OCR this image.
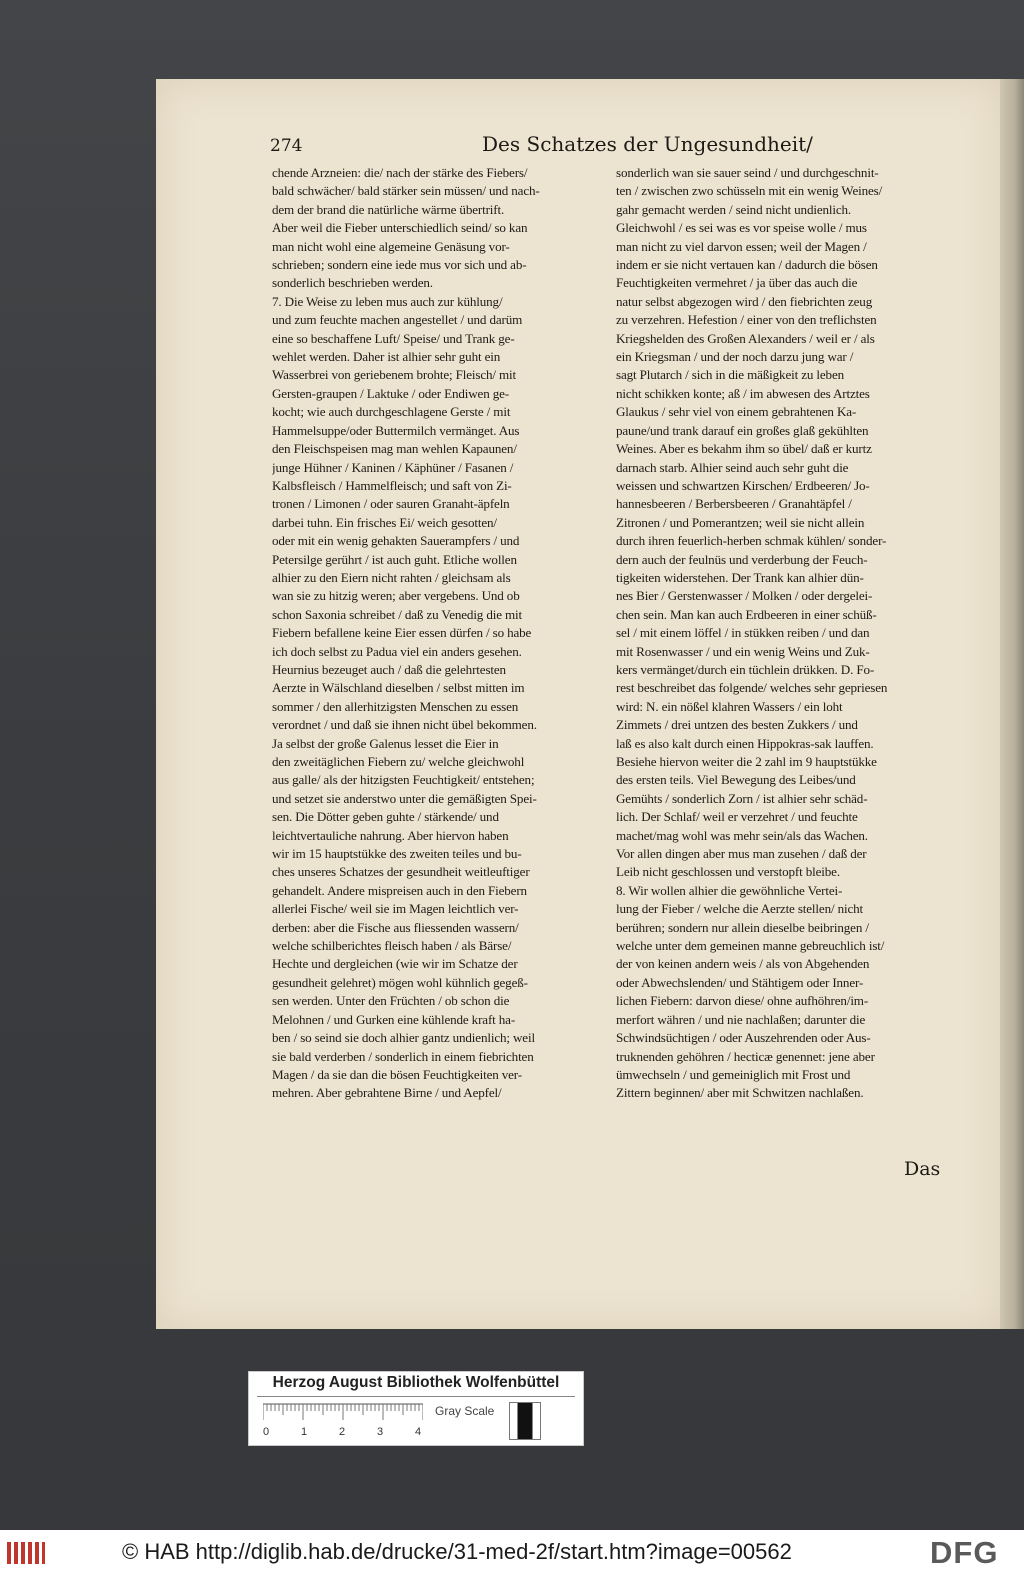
274	Des Schatzes der Ungesundheit/
chende Arzneien: die/ nach der stärke des Fiebers/
bald schwächer/ bald stärker sein müssen/ und nach-
dem der brand die natürliche wärme übertrift.
Aber weil die Fieber unterschiedlich seind/ so kan
man nicht wohl eine algemeine Genäsung vor-
schrieben; sondern eine iede mus vor sich und ab-
sonderlich beschrieben werden.
7. Die Weise zu leben mus auch zur kühlung/
und zum feuchte machen angestellet / und darüm
eine so beschaffene Luft/ Speise/ und Trank ge-
wehlet werden. Daher ist alhier sehr guht ein
Wasserbrei von geriebenem brohte; Fleisch/ mit
Gersten-graupen / Laktuke / oder Endiwen ge-
kocht; wie auch durchgeschlagene Gerste / mit
Hammelsuppe/oder Buttermilch vermänget. Aus
den Fleischspeisen mag man wehlen Kapaunen/
junge Hühner / Kaninen / Käphüner / Fasanen /
Kalbsfleisch / Hammelfleisch; und saft von Zi-
tronen / Limonen / oder sauren Granaht-äpfeln
darbei tuhn. Ein frisches Ei/ weich gesotten/
oder mit ein wenig gehakten Sauerampfers / und
Petersilge gerührt / ist auch guht. Etliche wollen
alhier zu den Eiern nicht rahten / gleichsam als
wan sie zu hitzig weren; aber vergebens. Und ob
schon Saxonia schreibet / daß zu Venedig die mit
Fiebern befallene keine Eier essen dürfen / so habe
ich doch selbst zu Padua viel ein anders gesehen.
Heurnius bezeuget auch / daß die gelehrtesten
Aerzte in Wälschland dieselben / selbst mitten im
sommer / den allerhitzigsten Menschen zu essen
verordnet / und daß sie ihnen nicht übel bekommen.
Ja selbst der große Galenus lesset die Eier in
den zweitäglichen Fiebern zu/ welche gleichwohl
aus galle/ als der hitzigsten Feuchtigkeit/ entstehen;
und setzet sie anderstwo unter die gemäßigten Spei-
sen. Die Dötter geben guhte / stärkende/ und
leichtvertauliche nahrung. Aber hiervon haben
wir im 15 hauptstükke des zweiten teiles und bu-
ches unseres Schatzes der gesundheit weitleuftiger
gehandelt. Andere mispreisen auch in den Fiebern
allerlei Fische/ weil sie im Magen leichtlich ver-
derben: aber die Fische aus fliessenden wassern/
welche schilberichtes fleisch haben / als Bärse/
Hechte und dergleichen (wie wir im Schatze der
gesundheit gelehret) mögen wohl kühnlich gegeß-
sen werden. Unter den Früchten / ob schon die
Melohnen / und Gurken eine kühlende kraft ha-
ben / so seind sie doch alhier gantz undienlich; weil
sie bald verderben / sonderlich in einem fiebrichten
Magen / da sie dan die bösen Feuchtigkeiten ver-
mehren. Aber gebrahtene Birne / und Aepfel/
sonderlich wan sie sauer seind / und durchgeschnit-
ten / zwischen zwo schüsseln mit ein wenig Weines/
gahr gemacht werden / seind nicht undienlich.
Gleichwohl / es sei was es vor speise wolle / mus
man nicht zu viel darvon essen; weil der Magen /
indem er sie nicht vertauen kan / dadurch die bösen
Feuchtigkeiten vermehret / ja über das auch die
natur selbst abgezogen wird / den fiebrichten zeug
zu verzehren. Hefestion / einer von den treflichsten
Kriegshelden des Großen Alexanders / weil er / als
ein Kriegsman / und der noch darzu jung war /
sagt Plutarch / sich in die mäßigkeit zu leben
nicht schikken konte; aß / im abwesen des Artztes
Glaukus / sehr viel von einem gebrahtenen Ka-
paune/und trank darauf ein großes glaß gekühlten
Weines. Aber es bekahm ihm so übel/ daß er kurtz
darnach starb. Alhier seind auch sehr guht die
weissen und schwartzen Kirschen/ Erdbeeren/ Jo-
hannesbeeren / Berbersbeeren / Granahtäpfel /
Zitronen / und Pomerantzen; weil sie nicht allein
durch ihren feuerlich-herben schmak kühlen/ sonder-
dern auch der feulnüs und verderbung der Feuch-
tigkeiten widerstehen. Der Trank kan alhier dün-
nes Bier / Gerstenwasser / Molken / oder dergelei-
chen sein. Man kan auch Erdbeeren in einer schüß-
sel / mit einem löffel / in stükken reiben / und dan
mit Rosenwasser / und ein wenig Weins und Zuk-
kers vermänget/durch ein tüchlein drükken. D. Fo-
rest beschreibet das folgende/ welches sehr gepriesen
wird: N. ein nößel klahren Wassers / ein loht
Zimmets / drei untzen des besten Zukkers / und
laß es also kalt durch einen Hippokras-sak lauffen.
Besiehe hiervon weiter die 2 zahl im 9 hauptstükke
des ersten teils. Viel Bewegung des Leibes/und
Gemühts / sonderlich Zorn / ist alhier sehr schäd-
lich. Der Schlaf/ weil er verzehret / und feuchte
machet/mag wohl was mehr sein/als das Wachen.
Vor allen dingen aber mus man zusehen / daß der
Leib nicht geschlossen und verstopft bleibe.
8. Wir wollen alhier die gewöhnliche Vertei-
lung der Fieber / welche die Aerzte stellen/ nicht
berühren; sondern nur allein dieselbe beibringen /
welche unter dem gemeinen manne gebreuchlich ist/
der von keinen andern weis / als von Abgehenden
oder Abwechslenden/ und Stähtigem oder Inner-
lichen Fiebern: darvon diese/ ohne aufhöhren/im-
merfort währen / und nie nachlaßen; darunter die
Schwindsüchtigen / oder Auszehrenden oder Aus-
truknenden gehöhren / hecticæ genennet: jene aber
ümwechseln / und gemeiniglich mit Frost und
Zittern beginnen/ aber mit Schwitzen nachlaßen.
Das
Herzog August Bibliothek Wolfenbüttel
0	1	2	3	4
Gray Scale
© HAB http://diglib.hab.de/drucke/31-med-2f/start.htm?image=00562	DFG
